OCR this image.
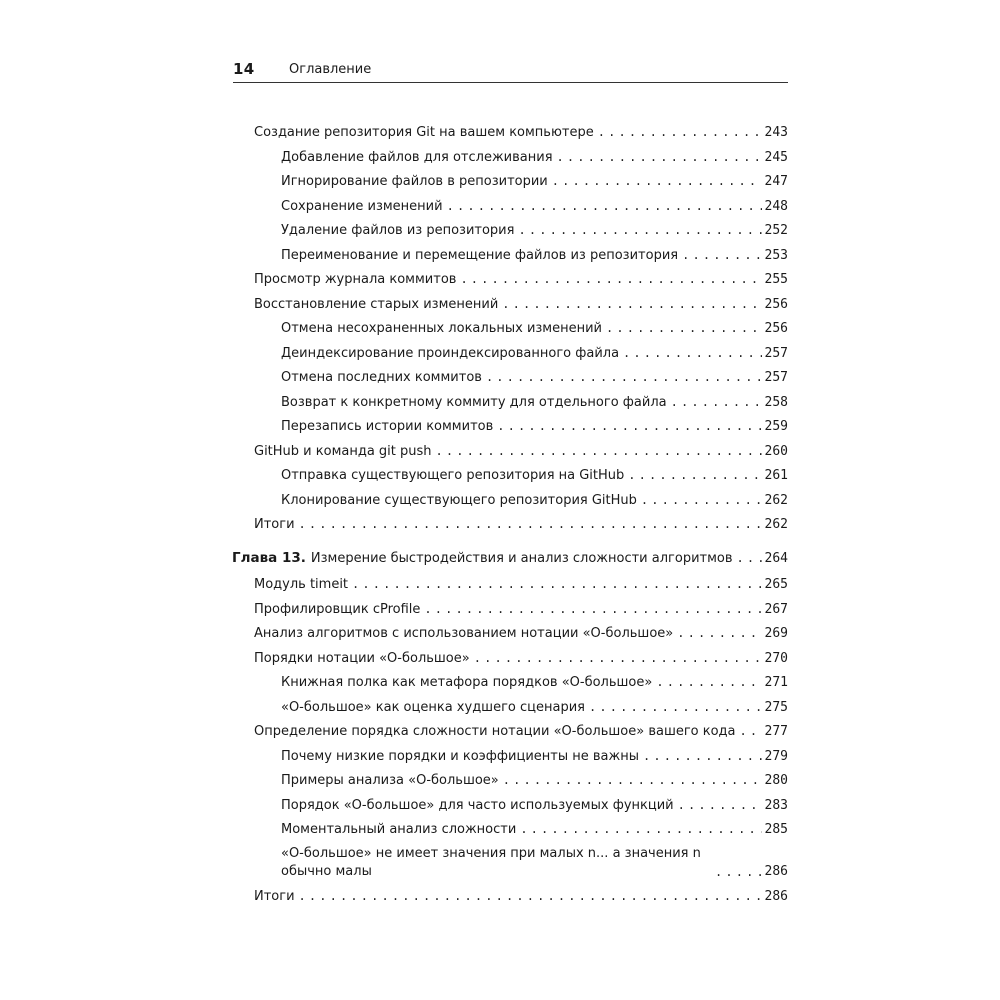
14	Оглавление
Создание репозитория Git на вашем компьютере .....	243
Добавление файлов для отслеживания .....	245
Игнорирование файлов в репозитории .....	247
Сохранение изменений .....	248
Удаление файлов из репозитория .....	252
Переименование и перемещение файлов из репозитория .....	253
Просмотр журнала коммитов .....	255
Восстановление старых изменений .....	256
Отмена несохраненных локальных изменений .....	256
Деиндексирование проиндексированного файла .....	257
Отмена последних коммитов .....	257
Возврат к конкретному коммиту для отдельного файла .....	258
Перезапись истории коммитов .....	259
GitHub и команда git push .....	260
Отправка существующего репозитория на GitHub .....	261
Клонирование существующего репозитория GitHub .....	262
Итоги .....	262
Глава 13. Измерение быстродействия и анализ сложности алгоритмов ..... 264
Модуль timeit .....	265
Профилировщик cProfile .....	267
Анализ алгоритмов с использованием нотации «О-большое» .....	269
Порядки нотации «О-большое» .....	270
Книжная полка как метафора порядков «О-большое» .....	271
«О-большое» как оценка худшего сценария .....	275
Определение порядка сложности нотации «О-большое» вашего кода ..... 277
Почему низкие порядки и коэффициенты не важны .....	279
Примеры анализа «О-большое» .....	280
Порядок «О-большое» для часто используемых функций .....	283
Моментальный анализ сложности .....	285
«О-большое» не имеет значения при малых n... а значения n обычно малы .....	286
Итоги .....	286
